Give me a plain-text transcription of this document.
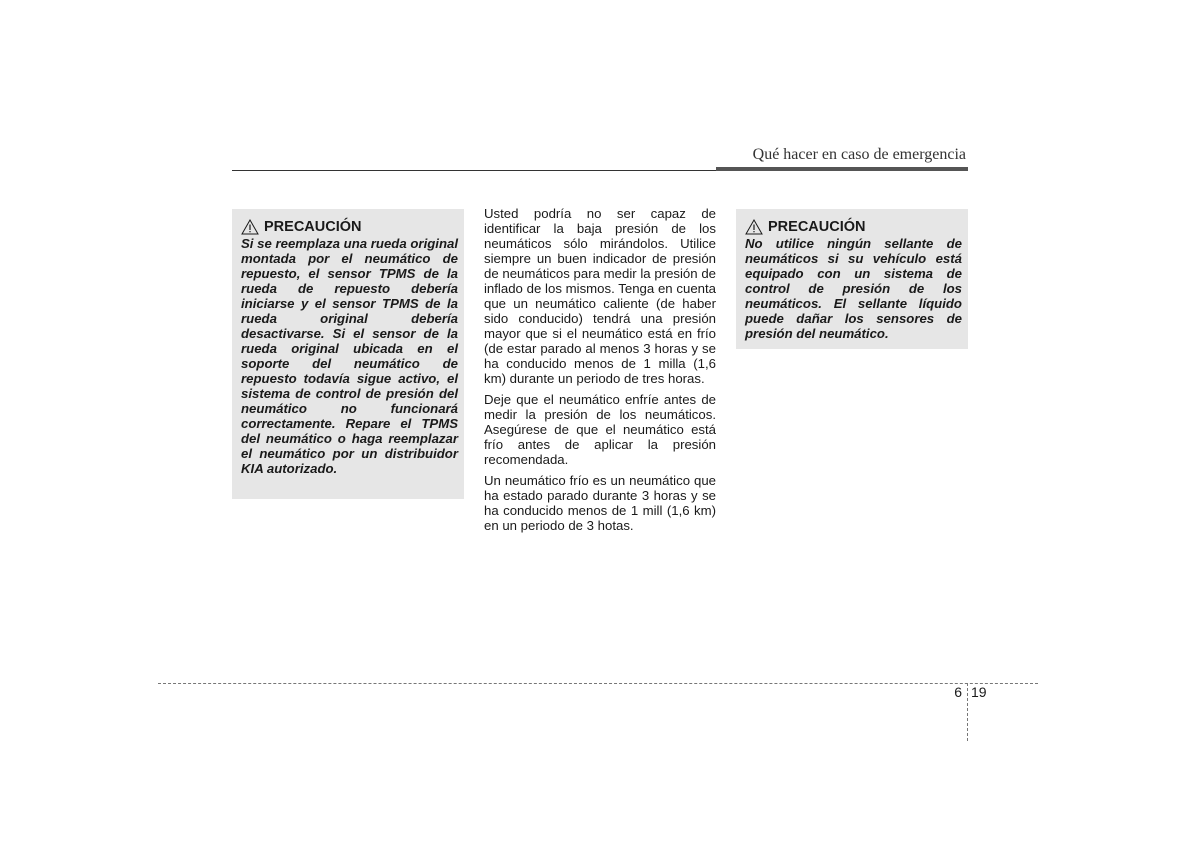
Qué hacer en caso de emergencia
PRECAUCIÓN

Si se reemplaza una rueda original montada por el neumático de repuesto, el sensor TPMS de la rueda de repuesto debería iniciarse y el sensor TPMS de la rueda original debería desactivarse. Si el sensor de la rueda original ubicada en el soporte del neumático de repuesto todavía sigue activo, el sistema de control de presión del neumático no funcionará correctamente. Repare el TPMS del neumático o haga reemplazar el neumático por un distribuidor KIA autorizado.

Usted podría no ser capaz de identificar la baja presión de los neumáticos sólo mirándolos. Utilice siempre un buen indicador de presión de neumáticos para medir la presión de inflado de los mismos. Tenga en cuenta que un neumático caliente (de haber sido conducido) tendrá una presión mayor que si el neumático está en frío (de estar parado al menos 3 horas y se ha conducido menos de 1 milla (1,6 km) durante un periodo de tres horas.

Deje que el neumático enfríe antes de medir la presión de los neumáticos. Asegúrese de que el neumático está frío antes de aplicar la presión recomendada.

Un neumático frío es un neumático que ha estado parado durante 3 horas y se ha conducido menos de 1 mill (1,6 km) en un periodo de 3 hotas.

PRECAUCIÓN

No utilice ningún sellante de neumáticos si su vehículo está equipado con un sistema de control de presión de los neumáticos. El sellante líquido puede dañar los sensores de presión del neumático.

6 19
